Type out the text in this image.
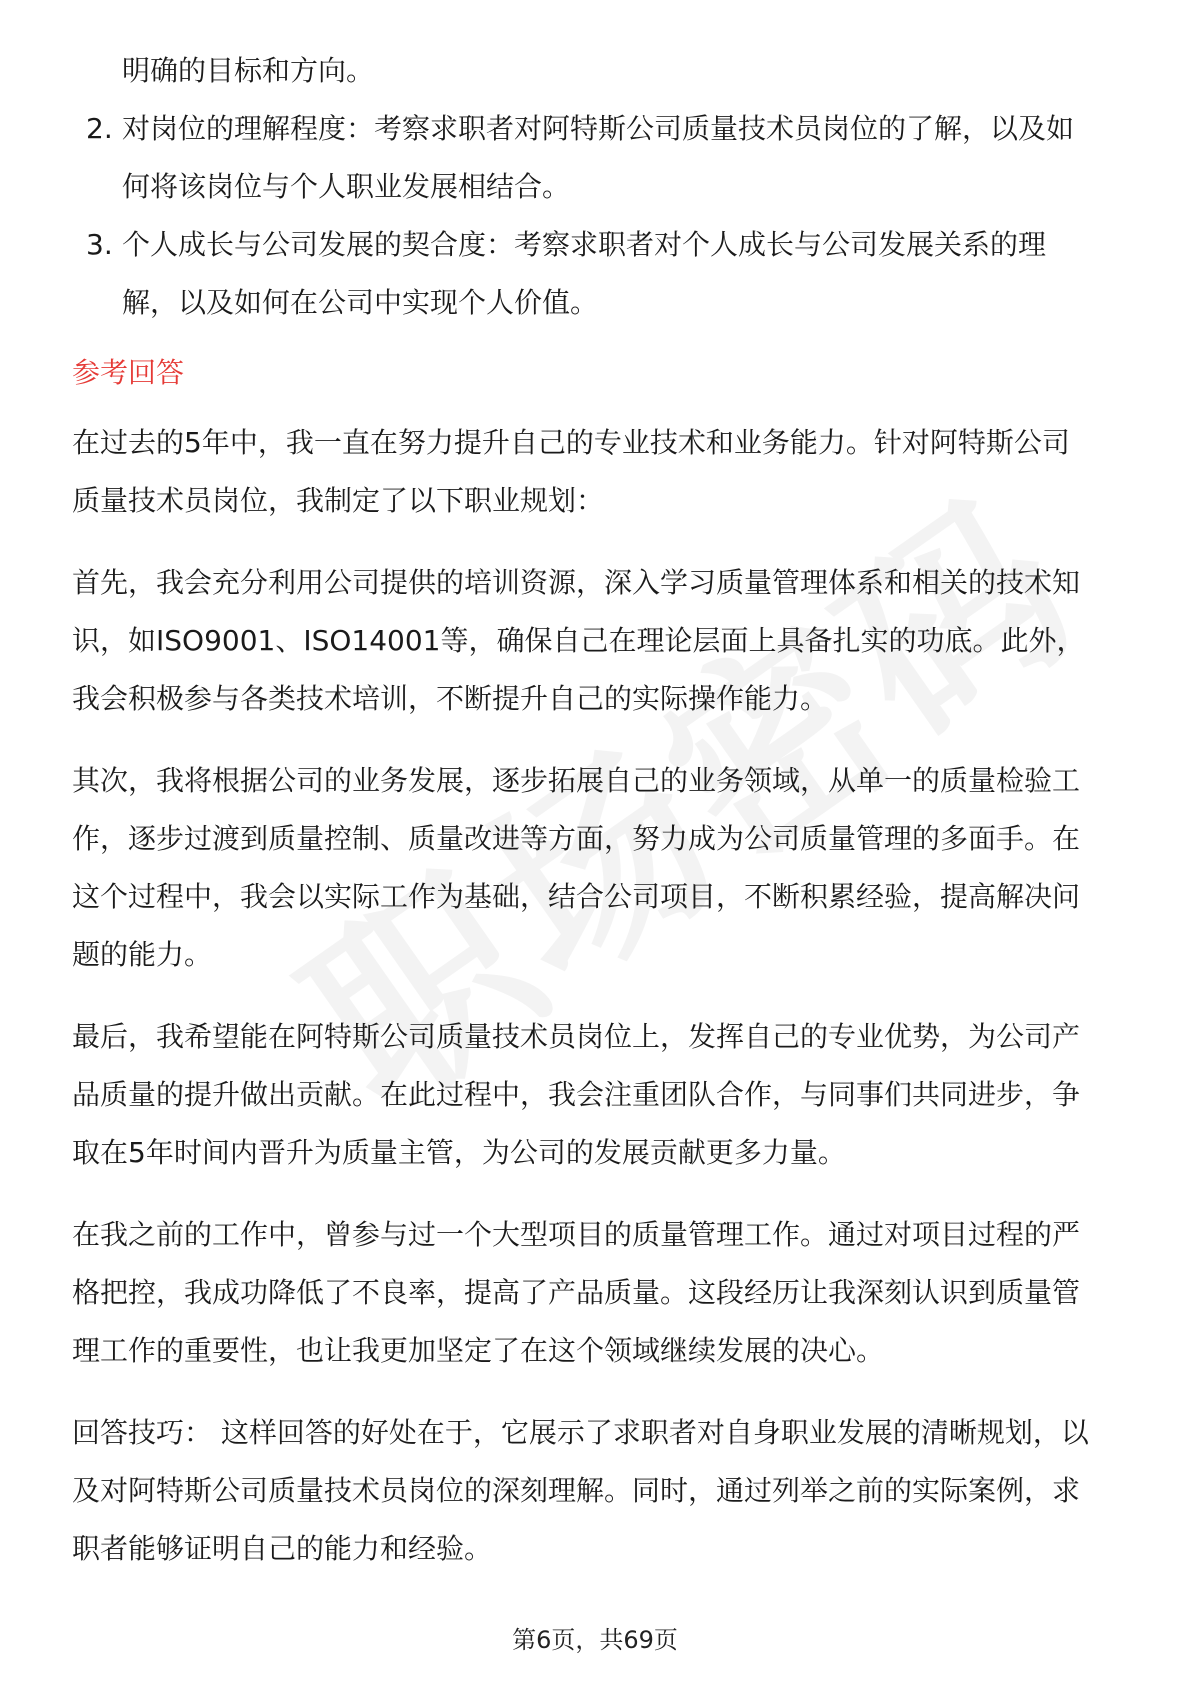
明确的目标和方向。
2. 对岗位的理解程度：考察求职者对阿特斯公司质量技术员岗位的了解，以及如
何将该岗位与个人职业发展相结合。
3. 个人成长与公司发展的契合度：考察求职者对个人成长与公司发展关系的理
解，以及如何在公司中实现个人价值。
参考回答
在过去的5年中，我一直在努力提升自己的专业技术和业务能力。针对阿特斯公司
质量技术员岗位，我制定了以下职业规划：
首先，我会充分利用公司提供的培训资源，深入学习质量管理体系和相关的技术知
识，如ISO9001、ISO14001等，确保自己在理论层面上具备扎实的功底。此外，
我会积极参与各类技术培训，不断提升自己的实际操作能力。
其次，我将根据公司的业务发展，逐步拓展自己的业务领域，从单一的质量检验工
作，逐步过渡到质量控制、质量改进等方面，努力成为公司质量管理的多面手。在
这个过程中，我会以实际工作为基础，结合公司项目，不断积累经验，提高解决问
题的能力。
最后，我希望能在阿特斯公司质量技术员岗位上，发挥自己的专业优势，为公司产
品质量的提升做出贡献。在此过程中，我会注重团队合作，与同事们共同进步，争
取在5年时间内晋升为质量主管，为公司的发展贡献更多力量。
在我之前的工作中，曾参与过一个大型项目的质量管理工作。通过对项目过程的严
格把控，我成功降低了不良率，提高了产品质量。这段经历让我深刻认识到质量管
理工作的重要性，也让我更加坚定了在这个领域继续发展的决心。
回答技巧： 这样回答的好处在于，它展示了求职者对自身职业发展的清晰规划，以
及对阿特斯公司质量技术员岗位的深刻理解。同时，通过列举之前的实际案例，求
职者能够证明自己的能力和经验。
第6页，共69页
